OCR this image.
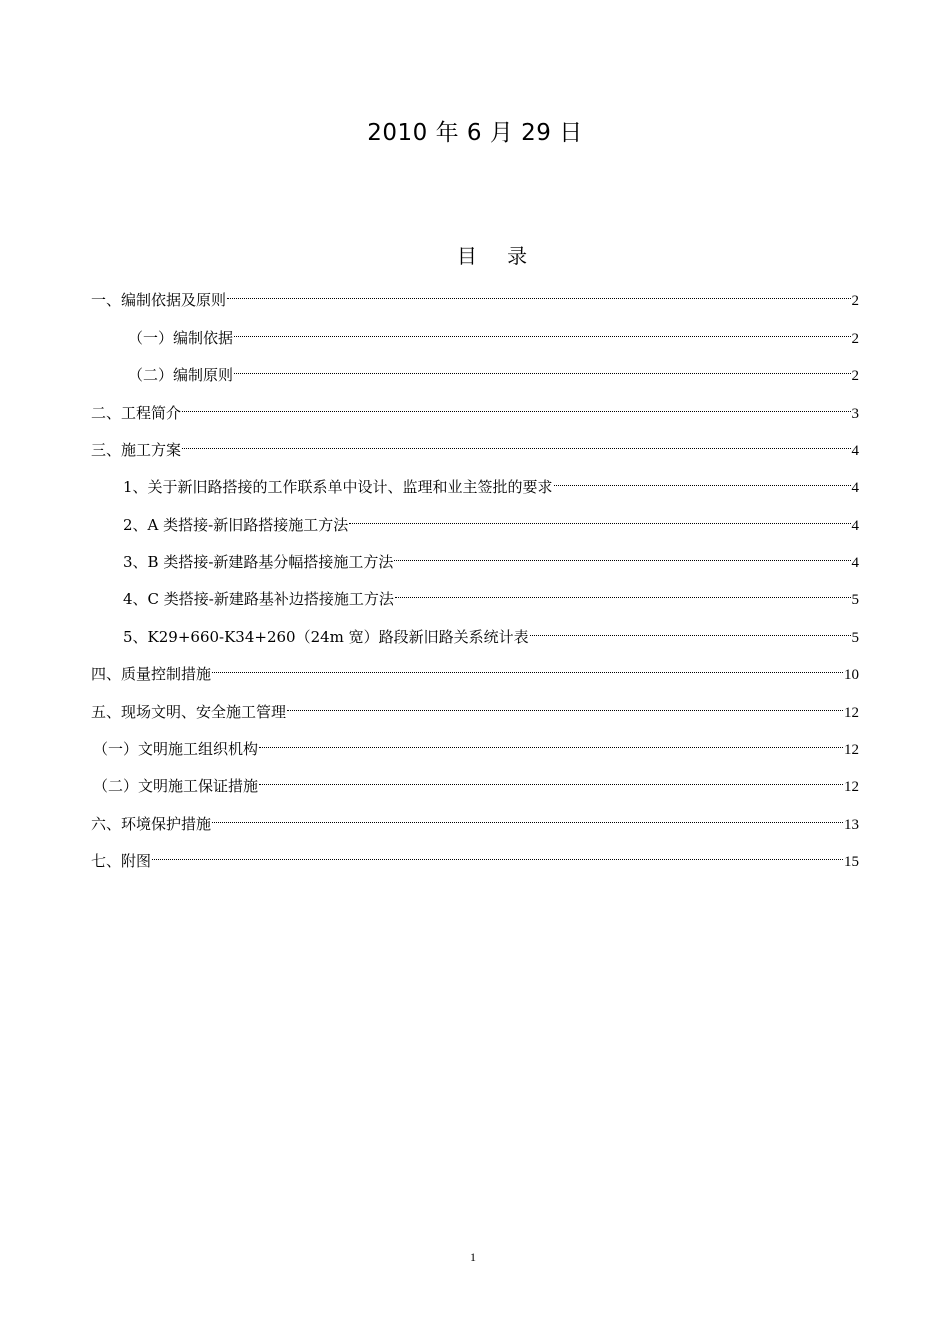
2010 年 6 月 29 日
目 录
一、编制依据及原则	2
（一）编制依据	2
（二）编制原则	2
二、工程简介	3
三、施工方案	4
1、关于新旧路搭接的工作联系单中设计、监理和业主签批的要求	4
2、A 类搭接-新旧路搭接施工方法	4
3、B 类搭接-新建路基分幅搭接施工方法	4
4、C 类搭接-新建路基补边搭接施工方法	5
5、K29+660-K34+260（24m 宽）路段新旧路关系统计表	5
四、质量控制措施	10
五、现场文明、安全施工管理	12
（一）文明施工组织机构	12
（二）文明施工保证措施	12
六、环境保护措施	13
七、附图	15
1
